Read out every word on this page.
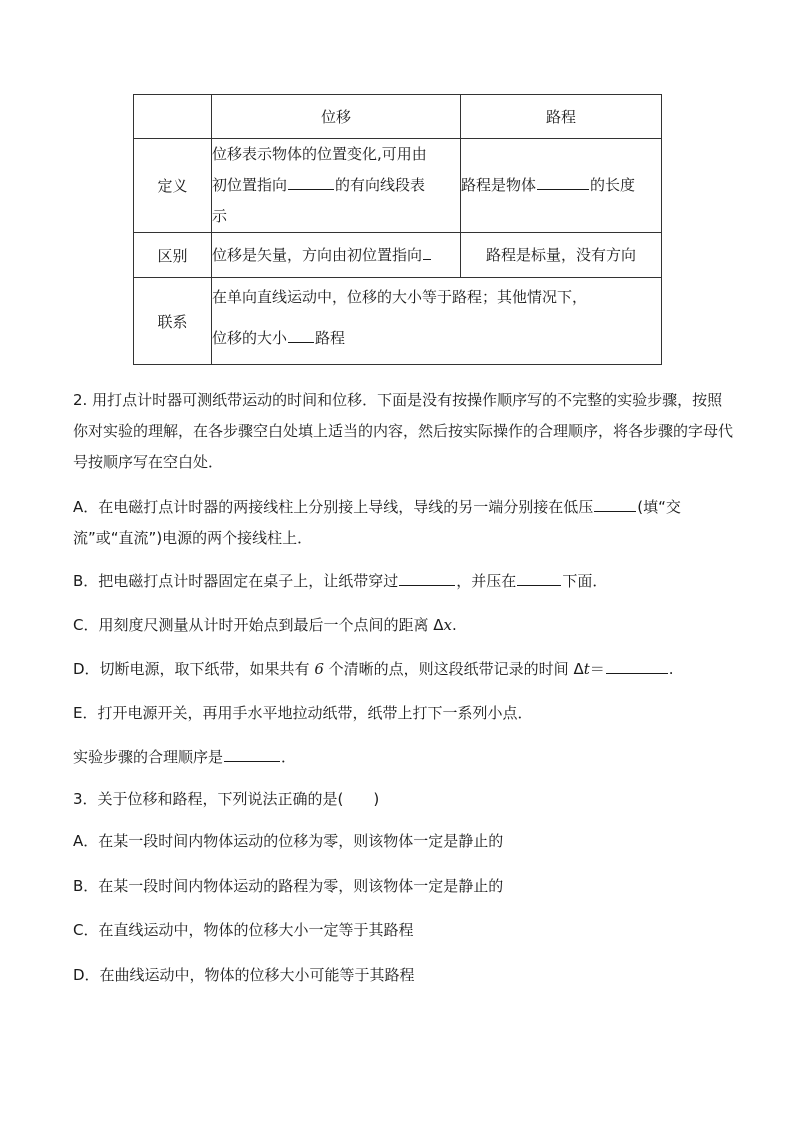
	位移	路程
定义	位移表示物体的位置变化,可用由
初位置指向 的有向线段表
示	路程是物体 的长度
区别	位移是矢量，方向由初位置指向	路程是标量，没有方向
联系	在单向直线运动中，位移的大小等于路程；其他情况下，
位移的大小 路程	
2. 用打点计时器可测纸带运动的时间和位移．下面是没有按操作顺序写的不完整的实验步骤，按照你对实验的理解，在各步骤空白处填上适当的内容，然后按实际操作的合理顺序，将各步骤的字母代号按顺序写在空白处．
A．在电磁打点计时器的两接线柱上分别接上导线，导线的另一端分别接在低压	(填“交
流”或“直流”)电源的两个接线柱上．
B．把电磁打点计时器固定在桌子上，让纸带穿过	，并压在	下面．
C．用刻度尺测量从计时开始点到最后一个点间的距离 Δx.
D．切断电源，取下纸带，如果共有 6 个清晰的点，则这段纸带记录的时间 Δt＝	.
E．打开电源开关，再用手水平地拉动纸带，纸带上打下一系列小点．
实验步骤的合理顺序是	．
3．关于位移和路程，下列说法正确的是(　　)
A．在某一段时间内物体运动的位移为零，则该物体一定是静止的
B．在某一段时间内物体运动的路程为零，则该物体一定是静止的
C．在直线运动中，物体的位移大小一定等于其路程
D．在曲线运动中，物体的位移大小可能等于其路程
